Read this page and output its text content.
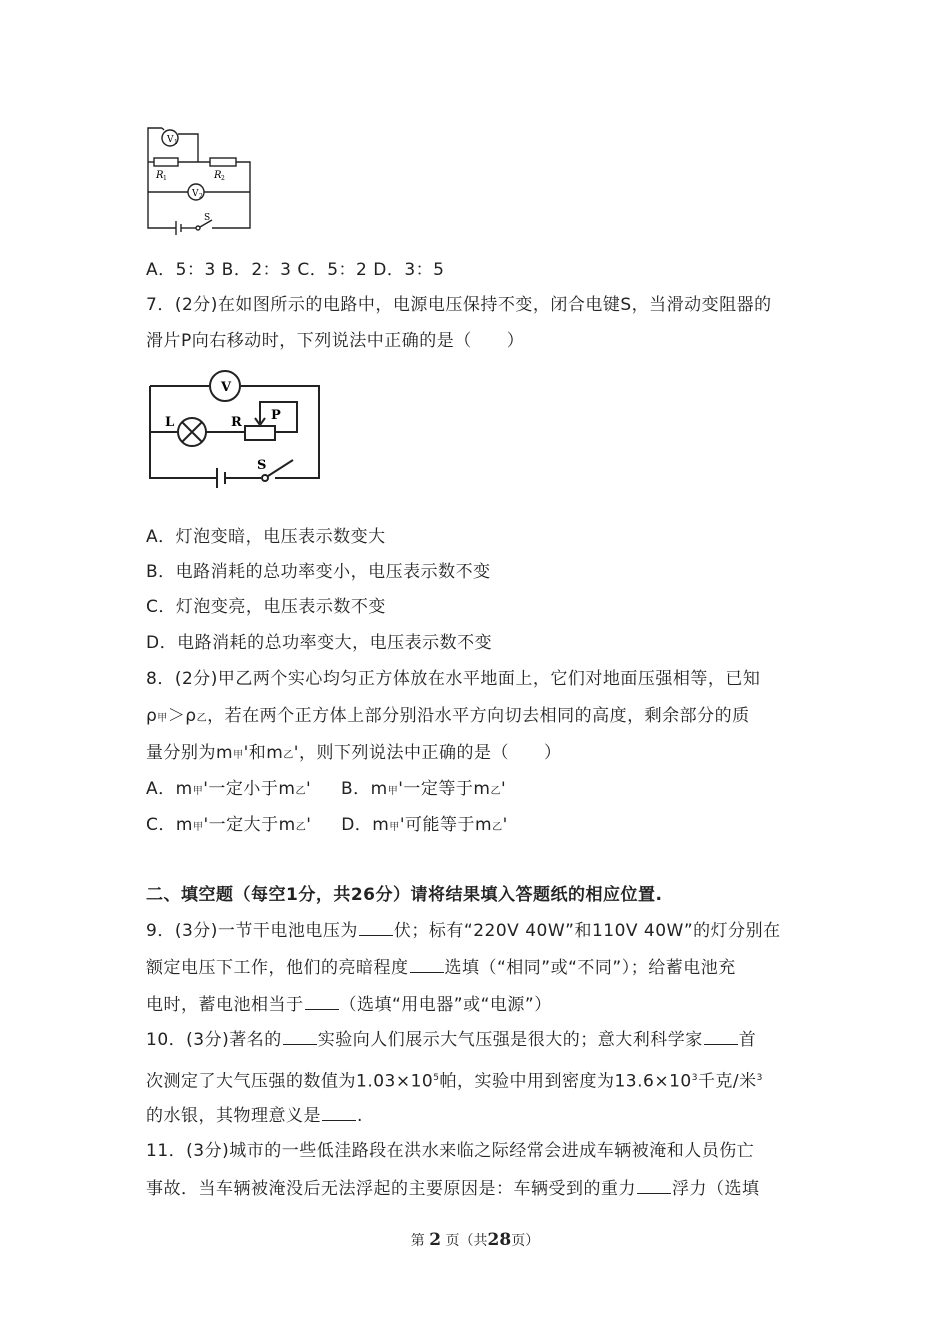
V 1
R 1	R 2
V 2
S
A．5：3 B．2：3 C．5：2 D．3：5
7．(2分)在如图所示的电路中，电源电压保持不变，闭合电键S，当滑动变阻器的
滑片P向右移动时，下列说法中正确的是（　　）
V
L	R P
S
A．灯泡变暗，电压表示数变大
B．电路消耗的总功率变小，电压表示数不变
C．灯泡变亮，电压表示数不变
D．电路消耗的总功率变大，电压表示数不变
8．(2分)甲乙两个实心均匀正方体放在水平地面上，它们对地面压强相等，已知
ρ甲＞ρ乙，若在两个正方体上部分别沿水平方向切去相同的高度，剩余部分的质
量分别为m甲'和m乙'，则下列说法中正确的是（　　）
A．m甲'一定小于m乙' B．m甲'一定等于m乙'
C．m甲'一定大于m乙' D．m甲'可能等于m乙'
二、填空题（每空1分，共26分）请将结果填入答题纸的相应位置.
9．(3分)一节干电池电压为 伏；标有“220V 40W”和110V 40W”的灯分别在
额定电压下工作，他们的亮暗程度 选填（“相同”或“不同”）；给蓄电池充
电时，蓄电池相当于 （选填“用电器”或“电源”）
10．(3分)著名的 实验向人们展示大气压强是很大的；意大利科学家 首
次测定了大气压强的数值为$1.03\times 10^5$帕，实验中用到密度为$13.6\times 10^3$千克/米$^3$
的水银，其物理意义是 .
11．(3分)城市的一些低洼路段在洪水来临之际经常会进成车辆被淹和人员伤亡
事故．当车辆被淹没后无法浮起的主要原因是：车辆受到的重力 浮力（选填
第 2 页（共28页）
